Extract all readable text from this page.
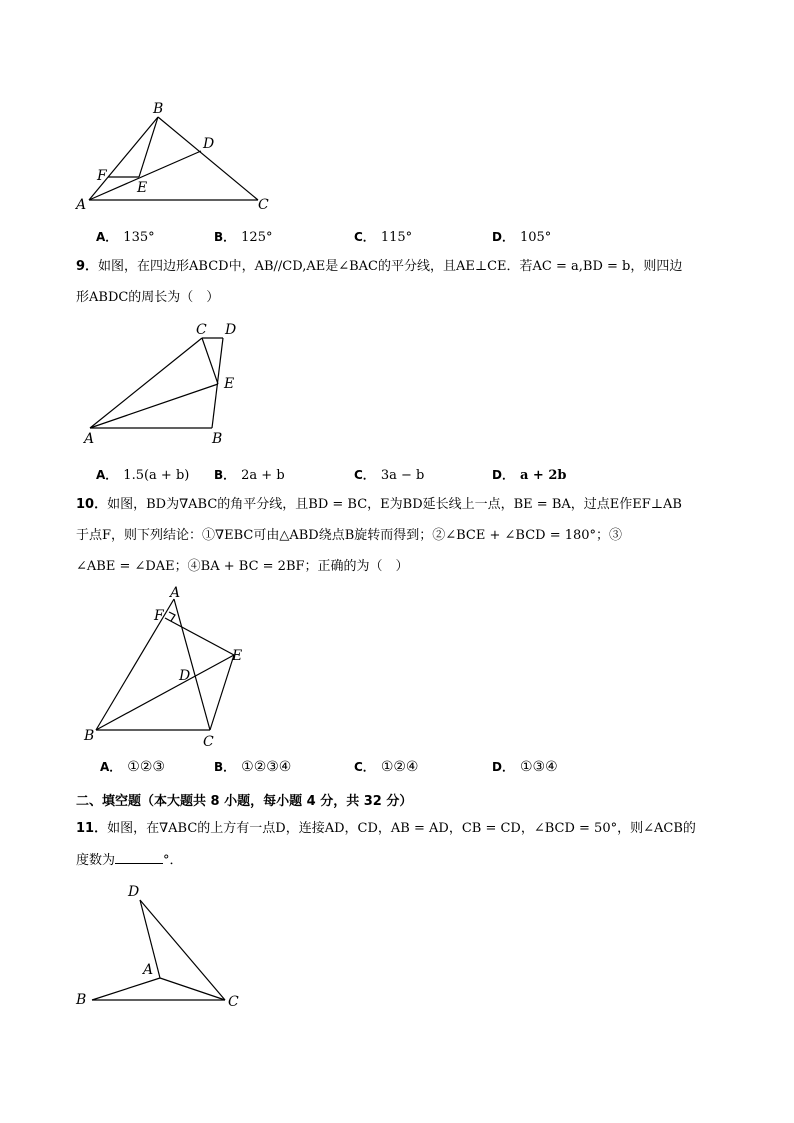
B
D
F
E
A	C
A． 135°	B． 125°	C． 115°	D． 105°
9．如图，在四边形ABCD中，AB//CD,AE是∠BAC的平分线，且AE⊥CE．若AC = a,BD = b，则四边
形ABDC的周长为（　）
C D
E
A	B
A． 1.5(a + b) B． 2a + b	C． 3a − b	D． a + 2b
10．如图，BD为∇ABC的角平分线，且BD = BC，E为BD延长线上一点，BE = BA，过点E作EF⊥AB
于点F，则下列结论：①∇EBC可由△ABD绕点B旋转而得到；②∠BCE + ∠BCD = 180°；③
∠ABE = ∠DAE；④BA + BC = 2BF；正确的为（　）
A
F
E
D
B	C
A． ①②③	B． ①②③④	C． ①②④	D． ①③④
二、填空题（本大题共 8 小题，每小题 4 分，共 32 分）
11．如图，在∇ABC的上方有一点D，连接AD，CD，AB = AD，CB = CD，∠BCD = 50°，则∠ACB的
度数为	°．
D
A
B	C
